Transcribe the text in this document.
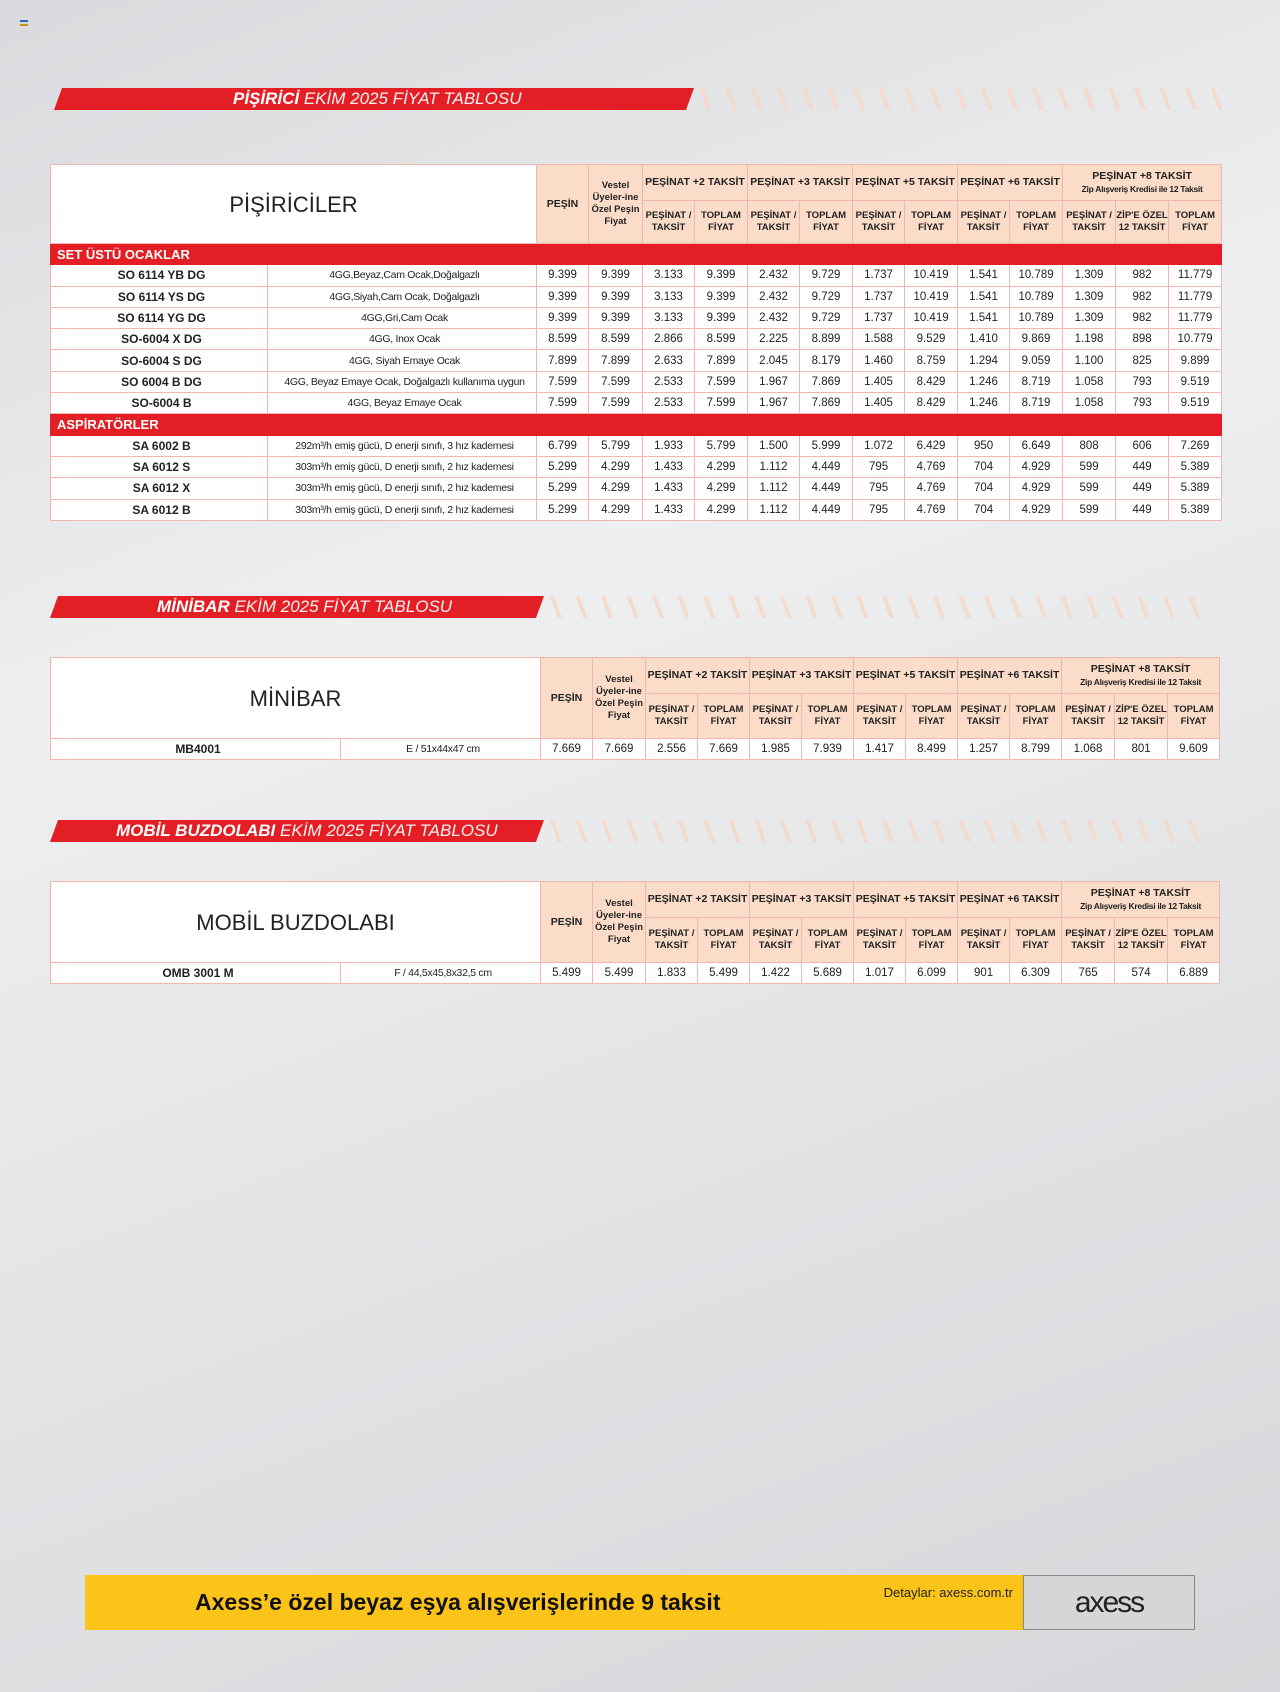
PİŞİRİCİ EKİM 2025 FİYAT TABLOSU
PİŞİRİCİLER		PEŞİN	Vestel Üyeler-ine Özel Peşin Fiyat	PEŞİNAT +2 TAKSİT		PEŞİNAT +3 TAKSİT		PEŞİNAT +5 TAKSİT		PEŞİNAT +6 TAKSİT		PEŞİNAT +8 TAKSİT
Zip Alışveriş Kredisi ile 12 Taksit		

				PEŞİNAT / TAKSİT	TOPLAM FİYAT	PEŞİNAT / TAKSİT	TOPLAM FİYAT	PEŞİNAT / TAKSİT	TOPLAM FİYAT	PEŞİNAT / TAKSİT	TOPLAM FİYAT	PEŞİNAT / TAKSİT	ZİP'E ÖZEL 12 TAKSİT	TOPLAM FİYAT
SET ÜSTÜ OCAKLAR														
SO 6114 YB DG	4GG,Beyaz,Cam Ocak,Doğalgazlı	9.399	9.399	3.133	9.399	2.432	9.729	1.737	10.419	1.541	10.789	1.309	982	11.779
SO 6114 YS DG	4GG,Siyah,Cam Ocak, Doğalgazlı	9.399	9.399	3.133	9.399	2.432	9.729	1.737	10.419	1.541	10.789	1.309	982	11.779
SO 6114 YG DG	4GG,Gri,Cam Ocak	9.399	9.399	3.133	9.399	2.432	9.729	1.737	10.419	1.541	10.789	1.309	982	11.779
SO-6004 X DG	4GG, Inox Ocak	8.599	8.599	2.866	8.599	2.225	8.899	1.588	9.529	1.410	9.869	1.198	898	10.779
SO-6004 S DG	4GG, Siyah Emaye Ocak	7.899	7.899	2.633	7.899	2.045	8.179	1.460	8.759	1.294	9.059	1.100	825	9.899
SO 6004 B DG	4GG, Beyaz Emaye Ocak, Doğalgazlı kullanıma uygun	7.599	7.599	2.533	7.599	1.967	7.869	1.405	8.429	1.246	8.719	1.058	793	9.519
SO-6004 B	4GG, Beyaz Emaye Ocak	7.599	7.599	2.533	7.599	1.967	7.869	1.405	8.429	1.246	8.719	1.058	793	9.519
ASPİRATÖRLER														
SA 6002 B	292m³/h emiş gücü, D enerji sınıfı, 3 hız kademesi	6.799	5.799	1.933	5.799	1.500	5.999	1.072	6.429	950	6.649	808	606	7.269
SA 6012 S	303m³/h emiş gücü, D enerji sınıfı, 2 hız kademesi	5.299	4.299	1.433	4.299	1.112	4.449	795	4.769	704	4.929	599	449	5.389
SA 6012 X	303m³/h emiş gücü, D enerji sınıfı, 2 hız kademesi	5.299	4.299	1.433	4.299	1.112	4.449	795	4.769	704	4.929	599	449	5.389
SA 6012 B	303m³/h emiş gücü, D enerji sınıfı, 2 hız kademesi	5.299	4.299	1.433	4.299	1.112	4.449	795	4.769	704	4.929	599	449	5.389
MİNİBAR EKİM 2025 FİYAT TABLOSU
MİNİBAR		PEŞİN	Vestel Üyeler-ine Özel Peşin Fiyat	PEŞİNAT +2 TAKSİT		PEŞİNAT +3 TAKSİT		PEŞİNAT +5 TAKSİT		PEŞİNAT +6 TAKSİT		PEŞİNAT +8 TAKSİT
Zip Alışveriş Kredisi ile 12 Taksit		

				PEŞİNAT / TAKSİT	TOPLAM FİYAT	PEŞİNAT / TAKSİT	TOPLAM FİYAT	PEŞİNAT / TAKSİT	TOPLAM FİYAT	PEŞİNAT / TAKSİT	TOPLAM FİYAT	PEŞİNAT / TAKSİT	ZİP'E ÖZEL 12 TAKSİT	TOPLAM FİYAT
MB4001	E / 51x44x47 cm	7.669	7.669	2.556	7.669	1.985	7.939	1.417	8.499	1.257	8.799	1.068	801	9.609
MOBİL BUZDOLABI EKİM 2025 FİYAT TABLOSU
MOBİL BUZDOLABI		PEŞİN	Vestel Üyeler-ine Özel Peşin Fiyat	PEŞİNAT +2 TAKSİT		PEŞİNAT +3 TAKSİT		PEŞİNAT +5 TAKSİT		PEŞİNAT +6 TAKSİT		PEŞİNAT +8 TAKSİT
Zip Alışveriş Kredisi ile 12 Taksit		

				PEŞİNAT / TAKSİT	TOPLAM FİYAT	PEŞİNAT / TAKSİT	TOPLAM FİYAT	PEŞİNAT / TAKSİT	TOPLAM FİYAT	PEŞİNAT / TAKSİT	TOPLAM FİYAT	PEŞİNAT / TAKSİT	ZİP'E ÖZEL 12 TAKSİT	TOPLAM FİYAT
OMB 3001 M	F / 44,5x45,8x32,5 cm	5.499	5.499	1.833	5.499	1.422	5.689	1.017	6.099	901	6.309	765	574	6.889
Axess’e özel beyaz eşya alışverişlerinde 9 taksit	Detaylar: axess.com.tr	axess
